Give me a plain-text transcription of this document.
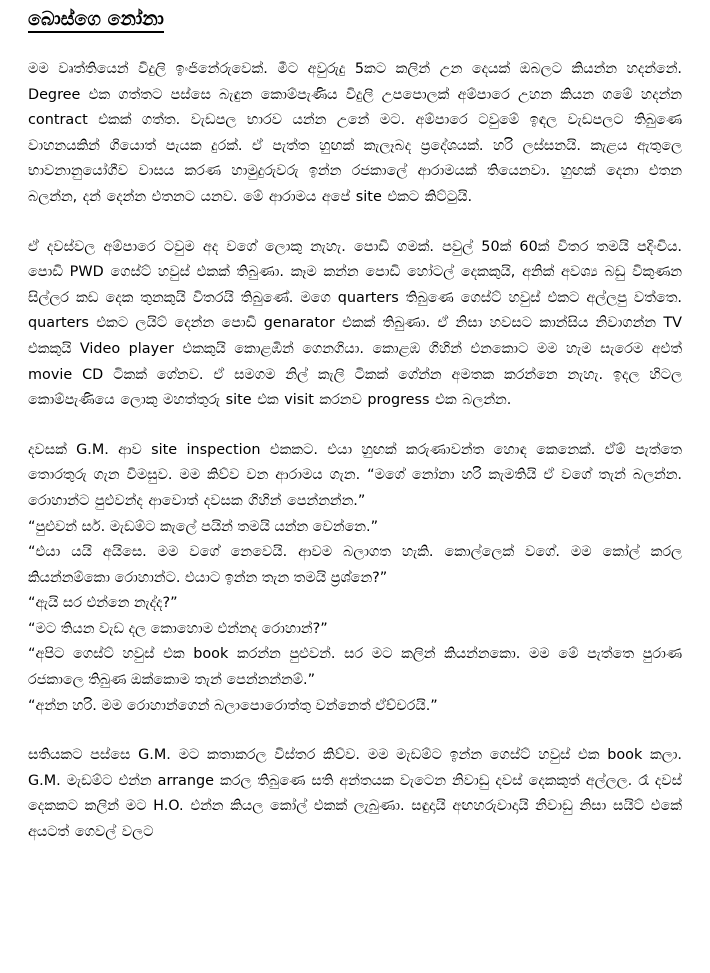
බොස්ගෙ නෝනා

මම වෘත්තියෙන් විදුලි ඉංජිනේරුවෙක්. මීට අවුරුදු 5කට කලින් උන දෙයක් ඔබලට කියන්න හදන්නේ. Degree එක ගත්තට පස්සෙ බැඳුන කොම්පැණිය විදුලි උපපොලක් අම්පාරෙ උහන කියන ගමේ හදන්න contract එකක් ගත්ත. වැඩපල භාරව යන්න උනේ මට. අම්පාරෙ ටවුමේ ඉඳල වැඩපලට තිබුණෙ වාහනයකින් ගියොත් පැයක දුරක්. ඒ පැත්ත හුඟක් කැලෑබද ප්‍රදේශයක්. හරි ලස්සනයි. කැළය ඇතුලෙ භාවනානුයෝගීව වාසය කරණ හාමුදුරුවරු ඉන්න රජකාලේ ආරාමයක් තියෙනවා. හුඟක් දෙනා එතන බලන්න, දන් දෙන්න එතනට යනව. මේ ආරාමය අපේ site එකට කිට්ටුයි.

ඒ දවස්වල අම්පාරෙ ටවුම අද වගේ ලොකු නැහැ. පොඩි ගමක්. පවුල් 50ක් 60ක් විතර තමයි පදිංචිය. පොඩි PWD ගෙස්ට් හවුස් එකක් තිබුණා. කෑම කන්න පොඩි හෝටල් දෙකකුයි, අනික් අවශ්‍ය බඩු විකුණන සිල්ලර කඩ දෙක තුනකුයි විතරයි තිබුණේ. මගෙ quarters තිබුණෙ ගෙස්ට් හවුස් එකට අල්ලපු වත්තෙ. quarters එකට ලයිට් දෙන්න පොඩි genarator එකක් තිබුණා. ඒ නිසා හවසට කාන්සිය නිවාගන්න TV එකකුයි Video player එකකුයි කොළඹින් ගෙනගියා. කොළඹ ගිහින් එනකොට මම හැම සැරෙම අළුත් movie CD ටිකක් ගේනව. ඒ සමගම නිල් කැලි ටිකක් ගේන්න අමතක කරන්නෙ නැහැ. ඉදල හිටල කොම්පැණියෙ ලොකු මහත්තුරු site එක visit කරනව progress එක බලන්න.

දවසක් G.M. ආව site inspection එකකට. එයා හුඟක් කරුණාවන්ත හොඳ කෙනෙක්. ඒම් පැත්තෙ තොරතුරු ගැන විමසුව. මම කිව්ව වන ආරාමය ගැන. “මගේ නෝනා හරි කැමතියි ඒ වගේ තැන් බලන්න. රොහාන්ට පුළුවන්ද ආවොත් දවසක ගිහින් පෙන්නන්න.”

“පුළුවන් සර්. මැඩම්ට කැලේ පයින් තමයි යන්න වෙන්නෙ.”

“එයා යයි අයිසෙ. මම වගේ නෙවෙයි. ආවම බලාගත හැකි. කොල්ලෙක් වගේ. මම කෝල් කරල කියන්නම්කො රොහාන්ට. එයාට ඉන්න තැන තමයි ප්‍රශ්නෙ?”

“ඇයි සර එන්නෙ නැද්ද?”

“මට තියන වැඩ දල කොහොම එන්නද රොහාන්?”

“අපිට ගෙස්ට් හවුස් එක book කරන්න පුළුවන්. සර මට කලින් කියන්නකො. මම මේ පැත්තෙ පුරාණ රජකාලෙ තිබුණ ඔක්කොම තැන් පෙන්නන්නම්.”

“අන්න හරි. මම රොහාන්ගෙන් බලාපොරොත්තු වන්නෙත් ඒච්චරයි.”

සතියකට පස්සෙ G.M. මට කතාකරල විස්තර කිව්ව. මම මැඩම්ට ඉන්න ගෙස්ට් හවුස් එක book කලා. G.M. මැඩම්ට එන්න arrange කරල තිබුණෙ සති අන්තයක වැටෙන නිවාඩු දවස් දෙකකුත් අල්ලල. රෑ දවස් දෙකකට කලින් මට H.O. එන්න කියල කෝල් එකක් ලැබුණා. සඳුදායි අඟහරුවාදායි නිවාඩු නිසා සයිට් එකේ අයටත් ගෙවල් වලට
